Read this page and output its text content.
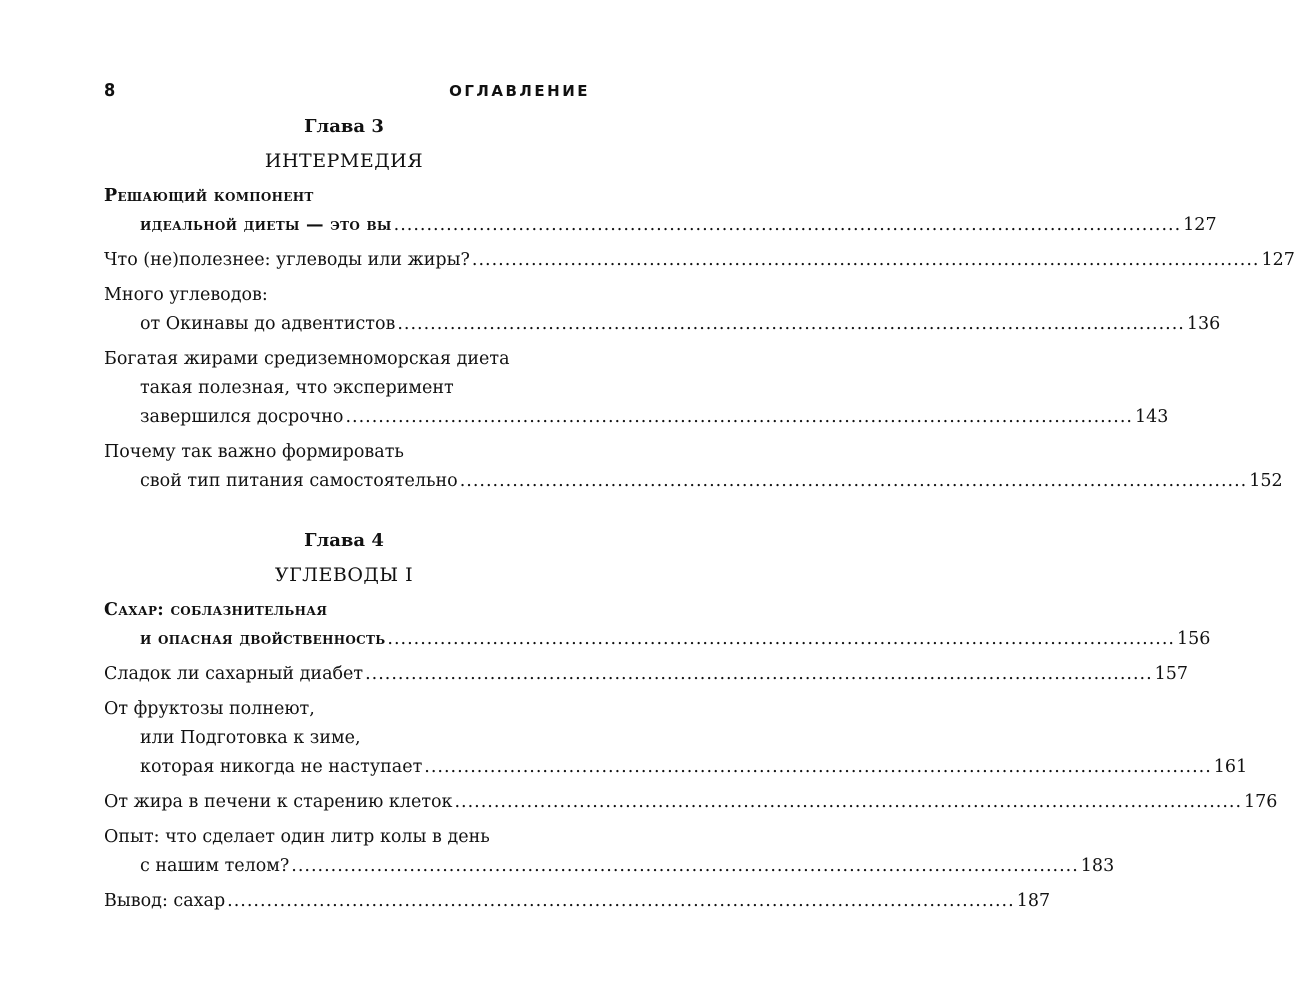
8	ОГЛАВЛЕНИЕ
Глава 3
ИНТЕРМЕДИЯ
Решающий компонент
идеальной диеты — это вы ........................................................................................................................ 127
Что (не)полезнее: углеводы или жиры? ........................................................................................................................ 127
Много углеводов:
от Окинавы до адвентистов ........................................................................................................................ 136
Богатая жирами средиземноморская диета
такая полезная, что эксперимент
завершился досрочно ........................................................................................................................ 143
Почему так важно формировать
свой тип питания самостоятельно ........................................................................................................................ 152
Глава 4
УГЛЕВОДЫ I
Сахар: соблазнительная
и опасная двойственность ........................................................................................................................ 156
Сладок ли сахарный диабет ........................................................................................................................ 157
От фруктозы полнеют,
или Подготовка к зиме,
которая никогда не наступает ........................................................................................................................ 161
От жира в печени к старению клеток ........................................................................................................................ 176
Опыт: что сделает один литр колы в день
с нашим телом? ........................................................................................................................ 183
Вывод: сахар ........................................................................................................................ 187
